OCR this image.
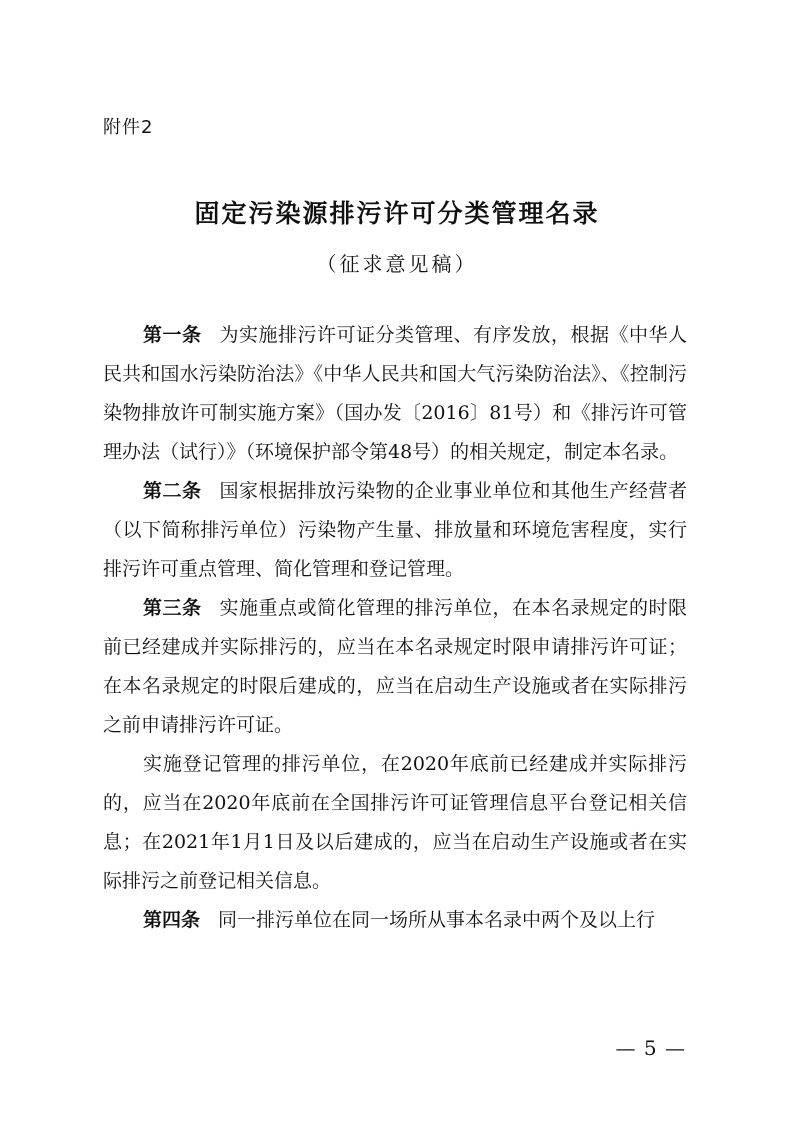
附件2
固定污染源排污许可分类管理名录
（征求意见稿）

第一条 为实施排污许可证分类管理、有序发放，根据《中华人民共和国水污染防治法》《中华人民共和国大气污染防治法》、《控制污染物排放许可制实施方案》（国办发〔2016〕81号）和《排污许可管理办法（试行）》（环境保护部令第48号）的相关规定，制定本名录。

第二条 国家根据排放污染物的企业事业单位和其他生产经营者（以下简称排污单位）污染物产生量、排放量和环境危害程度，实行排污许可重点管理、简化管理和登记管理。

第三条 实施重点或简化管理的排污单位，在本名录规定的时限前已经建成并实际排污的，应当在本名录规定时限申请排污许可证；在本名录规定的时限后建成的，应当在启动生产设施或者在实际排污之前申请排污许可证。

实施登记管理的排污单位，在2020年底前已经建成并实际排污的，应当在2020年底前在全国排污许可证管理信息平台登记相关信息；在2021年1月1日及以后建成的，应当在启动生产设施或者在实际排污之前登记相关信息。

第四条 同一排污单位在同一场所从事本名录中两个及以上行

— 5 —
